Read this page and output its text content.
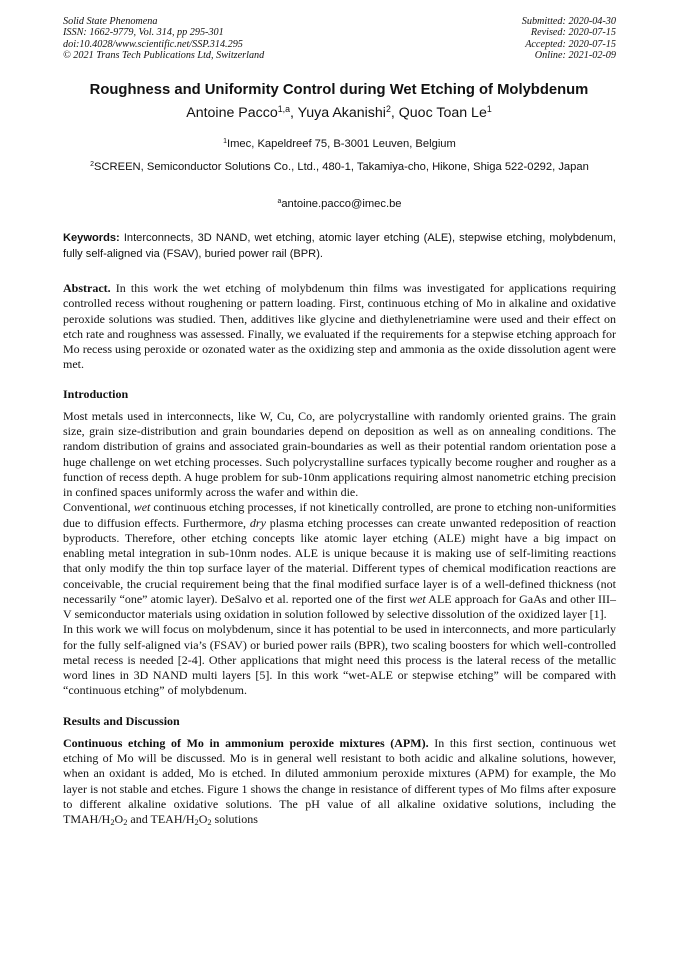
Solid State Phenomena
ISSN: 1662-9779, Vol. 314, pp 295-301
doi:10.4028/www.scientific.net/SSP.314.295
© 2021 Trans Tech Publications Ltd, Switzerland
Submitted: 2020-04-30
Revised: 2020-07-15
Accepted: 2020-07-15
Online: 2021-02-09
Roughness and Uniformity Control during Wet Etching of Molybdenum
Antoine Pacco$^{1,a}$, Yuya Akanishi$^2$, Quoc Toan Le$^1$
$^1$Imec, Kapeldreef 75, B-3001 Leuven, Belgium
$^2$SCREEN, Semiconductor Solutions Co., Ltd., 480-1, Takamiya-cho, Hikone, Shiga 522-0292, Japan
$^a$antoine.pacco@imec.be
Keywords: Interconnects, 3D NAND, wet etching, atomic layer etching (ALE), stepwise etching, molybdenum, fully self-aligned via (FSAV), buried power rail (BPR).

Abstract. In this work the wet etching of molybdenum thin films was investigated for applications requiring controlled recess without roughening or pattern loading. First, continuous etching of Mo in alkaline and oxidative peroxide solutions was studied. Then, additives like glycine and diethylenetriamine were used and their effect on etch rate and roughness was assessed. Finally, we evaluated if the requirements for a stepwise etching approach for Mo recess using peroxide or ozonated water as the oxidizing step and ammonia as the oxide dissolution agent were met.

Introduction

Most metals used in interconnects, like W, Cu, Co, are polycrystalline with randomly oriented grains. The grain size, grain size-distribution and grain boundaries depend on deposition as well as on annealing conditions. The random distribution of grains and associated grain-boundaries as well as their potential random orientation pose a huge challenge on wet etching processes. Such polycrystalline surfaces typically become rougher and rougher as a function of recess depth. A huge problem for sub-10nm applications requiring almost nanometric etching precision in confined spaces uniformly across the wafer and within die.

Conventional, wet continuous etching processes, if not kinetically controlled, are prone to etching non-uniformities due to diffusion effects. Furthermore, dry plasma etching processes can create unwanted redeposition of reaction byproducts. Therefore, other etching concepts like atomic layer etching (ALE) might have a big impact on enabling metal integration in sub-10nm nodes. ALE is unique because it is making use of self-limiting reactions that only modify the thin top surface layer of the material. Different types of chemical modification reactions are conceivable, the crucial requirement being that the final modified surface layer is of a well-defined thickness (not necessarily “one” atomic layer). DeSalvo et al. reported one of the first wet ALE approach for GaAs and other III–V semiconductor materials using oxidation in solution followed by selective dissolution of the oxidized layer [1].

In this work we will focus on molybdenum, since it has potential to be used in interconnects, and more particularly for the fully self-aligned via’s (FSAV) or buried power rails (BPR), two scaling boosters for which well-controlled metal recess is needed [2-4]. Other applications that might need this process is the lateral recess of the metallic word lines in 3D NAND multi layers [5]. In this work “wet-ALE or stepwise etching” will be compared with “continuous etching” of molybdenum.

Results and Discussion

Continuous etching of Mo in ammonium peroxide mixtures (APM). In this first section, continuous wet etching of Mo will be discussed. Mo is in general well resistant to both acidic and alkaline solutions, however, when an oxidant is added, Mo is etched. In diluted ammonium peroxide mixtures (APM) for example, the Mo layer is not stable and etches. Figure 1 shows the change in resistance of different types of Mo films after exposure to different alkaline oxidative solutions. The pH value of all alkaline oxidative solutions, including the TMAH/$H_2O_2$ and TEAH/$H_2O_2$ solutions
